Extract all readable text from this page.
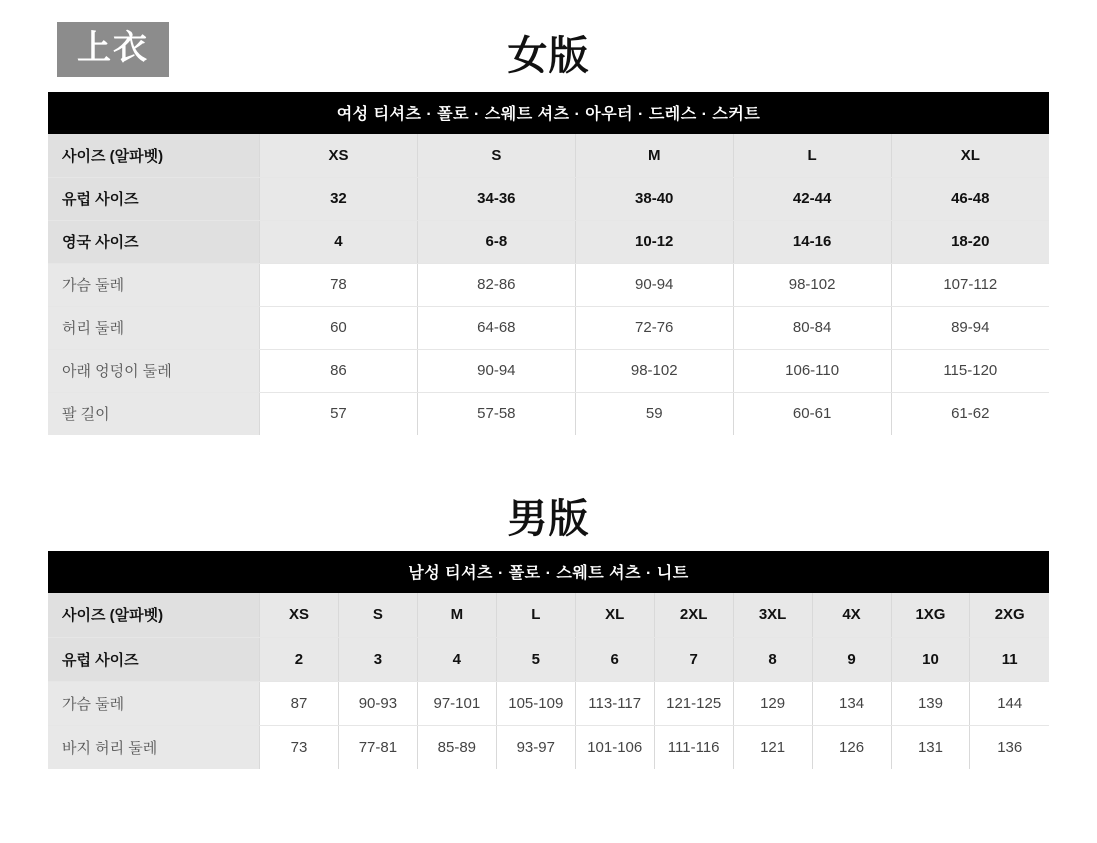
上衣	女版
여성 티셔츠 · 폴로 · 스웨트 셔츠 · 아우터 · 드레스 · 스커트
사이즈 (알파벳)	XS	S	M	L	XL
유럽 사이즈	32	34-36	38-40	42-44	46-48
영국 사이즈	4	6-8	10-12	14-16	18-20
가슴 둘레	78	82-86	90-94	98-102	107-112
허리 둘레	60	64-68	72-76	80-84	89-94
아래 엉덩이 둘레	86	90-94	98-102	106-110	115-120
팔 길이	57	57-58	59	60-61	61-62
男版
남성 티셔츠 · 폴로 · 스웨트 셔츠 · 니트
사이즈 (알파벳)	XS	S	M	L	XL	2XL	3XL	4X	1XG	2XG
유럽 사이즈	2	3	4	5	6	7	8	9	10	11
가슴 둘레	87	90-93	97-101	105-109	113-117	121-125	129	134	139	144
바지 허리 둘레	73	77-81	85-89	93-97	101-106	111-116	121	126	131	136
